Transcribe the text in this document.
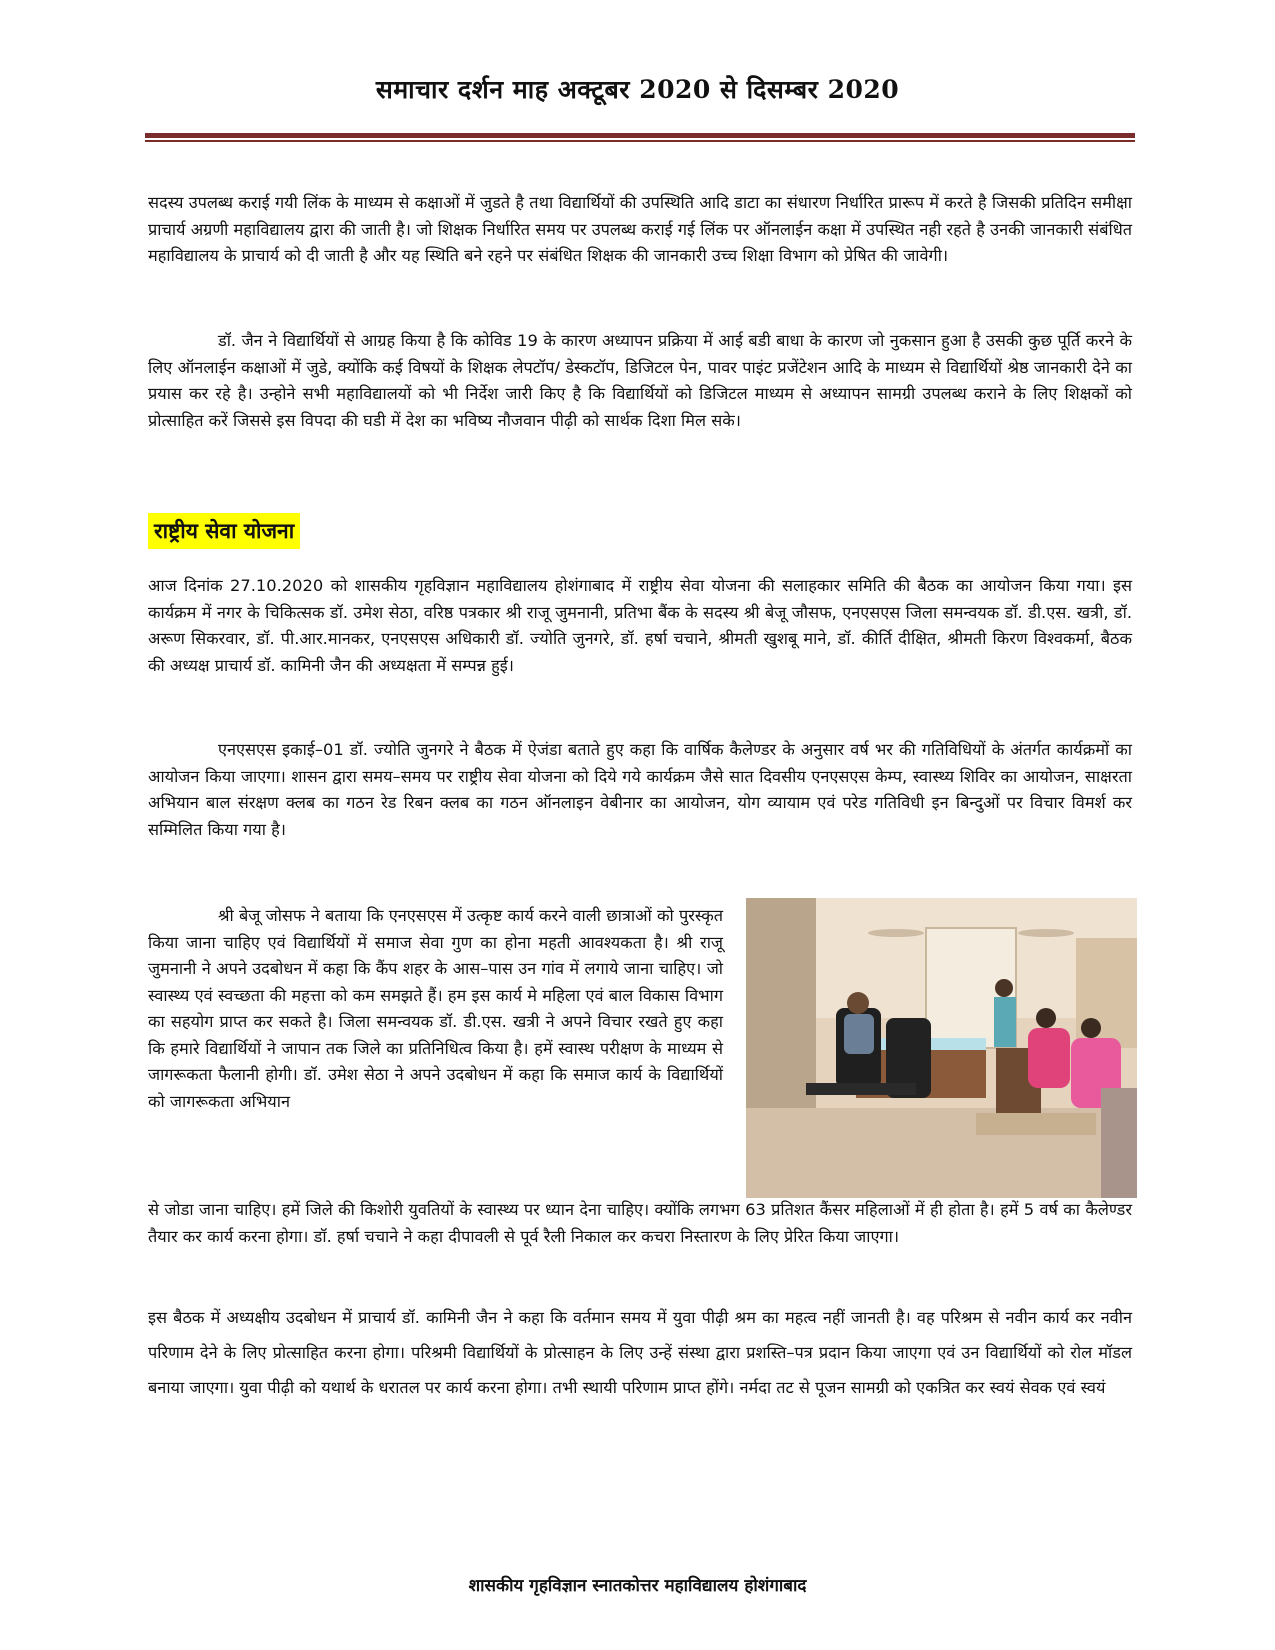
समाचार दर्शन माह अक्टूबर 2020 से दिसम्बर 2020
सदस्य उपलब्ध कराई गयी लिंक के माध्यम से कक्षाओं में जुडते है तथा विद्यार्थियों की उपस्थिति आदि डाटा का संधारण निर्धारित प्रारूप में करते है जिसकी प्रतिदिन समीक्षा प्राचार्य अग्रणी महाविद्यालय द्वारा की जाती है। जो शिक्षक निर्धारित समय पर उपलब्ध कराई गई लिंक पर ऑनलाईन कक्षा में उपस्थित नही रहते है उनकी जानकारी संबंधित महाविद्यालय के प्राचार्य को दी जाती है और यह स्थिति बने रहने पर संबंधित शिक्षक की जानकारी उच्च शिक्षा विभाग को प्रेषित की जावेगी।
डॉ. जैन ने विद्यार्थियों से आग्रह किया है कि कोविड 19 के कारण अध्यापन प्रक्रिया में आई बडी बाधा के कारण जो नुकसान हुआ है उसकी कुछ पूर्ति करने के लिए ऑनलाईन कक्षाओं में जुडे, क्योंकि कई विषयों के शिक्षक लेपटॉप/ डेस्कटॉप, डिजिटल पेन, पावर पाइंट प्रजेंटेशन आदि के माध्यम से विद्यार्थियों श्रेष्ठ जानकारी देने का प्रयास कर रहे है। उन्होने सभी महाविद्यालयों को भी निर्देश जारी किए है कि विद्यार्थियों को डिजिटल माध्यम से अध्यापन सामग्री उपलब्ध कराने के लिए शिक्षकों को प्रोत्साहित करें जिससे इस विपदा की घडी में देश का भविष्य नौजवान पीढ़ी को सार्थक दिशा मिल सके।
राष्ट्रीय सेवा योजना
आज दिनांक 27.10.2020 को शासकीय गृहविज्ञान महाविद्यालय होशंगाबाद में राष्ट्रीय सेवा योजना की सलाहकार समिति की बैठक का आयोजन किया गया। इस कार्यक्रम में नगर के चिकित्सक डॉ. उमेश सेठा, वरिष्ठ पत्रकार श्री राजू जुमनानी, प्रतिभा बैंक के सदस्य श्री बेजू जौसफ, एनएसएस जिला समन्वयक डॉ. डी.एस. खत्री, डॉ. अरूण सिकरवार, डॉ. पी.आर.मानकर, एनएसएस अधिकारी डॉ. ज्योति जुनगरे, डॉ. हर्षा चचाने, श्रीमती खुशबू माने, डॉ. कीर्ति दीक्षित, श्रीमती किरण विश्वकर्मा, बैठक की अध्यक्ष प्राचार्य डॉ. कामिनी जैन की अध्यक्षता में सम्पन्न हुई।
एनएसएस इकाई–01 डॉ. ज्योति जुनगरे ने बैठक में ऐजंडा बताते हुए कहा कि वार्षिक कैलेण्डर के अनुसार वर्ष भर की गतिविधियों के अंतर्गत कार्यक्रमों का आयोजन किया जाएगा। शासन द्वारा समय–समय पर राष्ट्रीय सेवा योजना को दिये गये कार्यक्रम जैसे सात दिवसीय एनएसएस केम्प, स्वास्थ्य शिविर का आयोजन, साक्षरता अभियान बाल संरक्षण क्लब का गठन रेड रिबन क्लब का गठन ऑनलाइन वेबीनार का आयोजन, योग व्यायाम एवं परेड गतिविधी इन बिन्दुओं पर विचार विमर्श कर सम्मिलित किया गया है।
श्री बेजू जोसफ ने बताया कि एनएसएस में उत्कृष्ट कार्य करने वाली छात्राओं को पुरस्कृत किया जाना चाहिए एवं विद्यार्थियों में समाज सेवा गुण का होना महती आवश्यकता है। श्री राजू जुमनानी ने अपने उदबोधन में कहा कि कैंप शहर के आस–पास उन गांव में लगाये जाना चाहिए। जो स्वास्थ्य एवं स्वच्छता की महत्ता को कम समझते हैं। हम इस कार्य मे महिला एवं बाल विकास विभाग का सहयोग प्राप्त कर सकते है। जिला समन्वयक डॉ. डी.एस. खत्री ने अपने विचार रखते हुए कहा कि हमारे विद्यार्थियों ने जापान तक जिले का प्रतिनिधित्व किया है। हमें स्वास्थ परीक्षण के माध्यम से जागरूकता फैलानी होगी। डॉ. उमेश सेठा ने अपने उदबोधन में कहा कि समाज कार्य के विद्यार्थियों को जागरूकता अभियान
से जोडा जाना चाहिए। हमें जिले की किशोरी युवतियों के स्वास्थ्य पर ध्यान देना चाहिए। क्योंकि लगभग 63 प्रतिशत कैंसर महिलाओं में ही होता है। हमें 5 वर्ष का कैलेण्डर तैयार कर कार्य करना होगा। डॉ. हर्षा चचाने ने कहा दीपावली से पूर्व रैली निकाल कर कचरा निस्तारण के लिए प्रेरित किया जाएगा।
इस बैठक में अध्यक्षीय उदबोधन में प्राचार्य डॉ. कामिनी जैन ने कहा कि वर्तमान समय में युवा पीढ़ी श्रम का महत्व नहीं जानती है। वह परिश्रम से नवीन कार्य कर नवीन परिणाम देने के लिए प्रोत्साहित करना होगा। परिश्रमी विद्यार्थियों के प्रोत्साहन के लिए उन्हें संस्था द्वारा प्रशस्ति–पत्र प्रदान किया जाएगा एवं उन विद्यार्थियों को रोल मॉडल बनाया जाएगा। युवा पीढ़ी को यथार्थ के धरातल पर कार्य करना होगा। तभी स्थायी परिणाम प्राप्त होंगे। नर्मदा तट से पूजन सामग्री को एकत्रित कर स्वयं सेवक एवं स्वयं
शासकीय गृहविज्ञान स्नातकोत्तर महाविद्यालय होशंगाबाद
